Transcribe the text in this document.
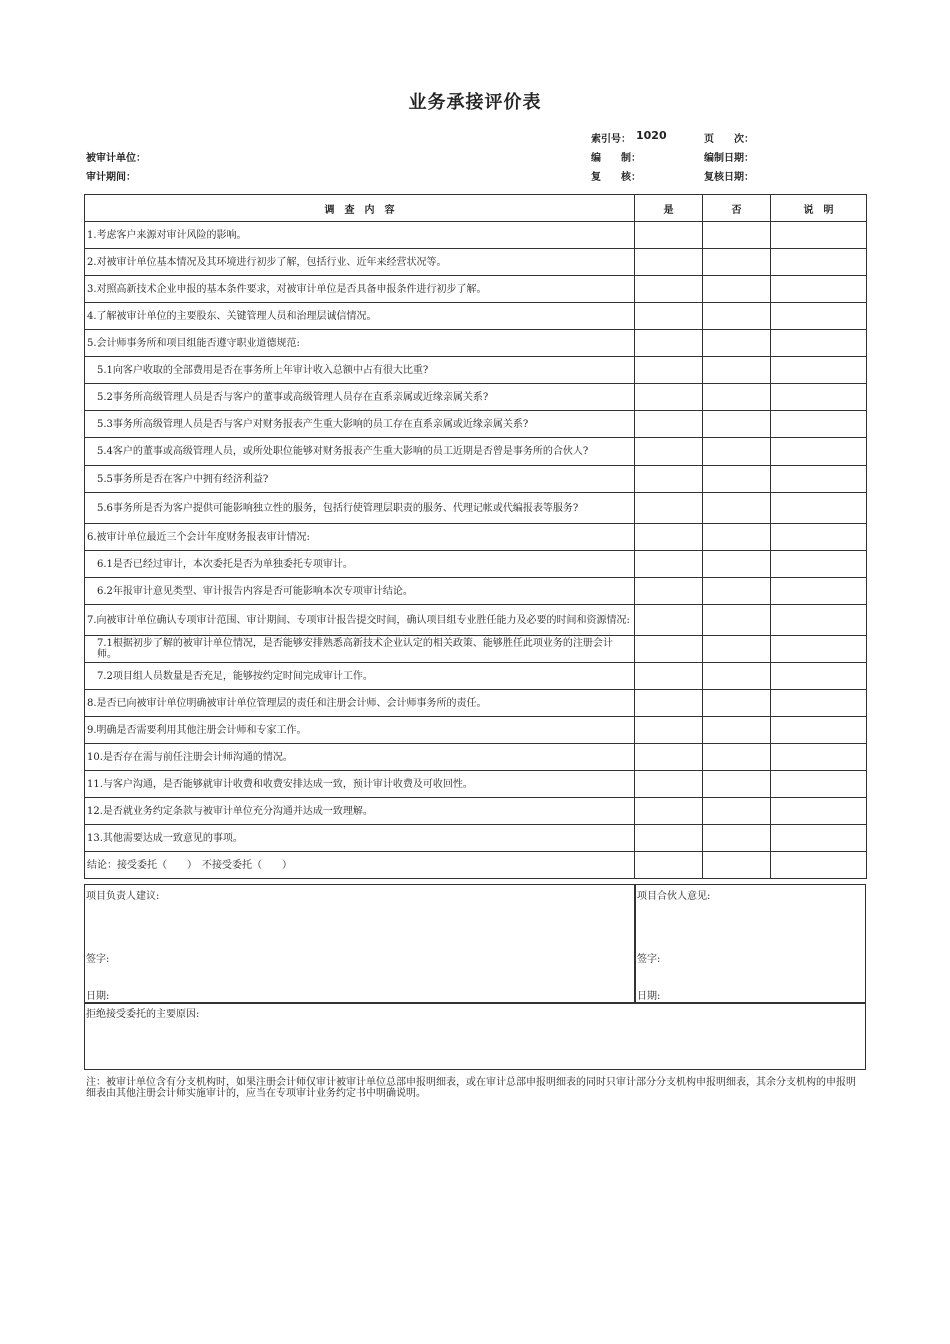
业务承接评价表
索引号： 1020	页　　次：
被审计单位：	编　　制：	编制日期：
审计期间：	复　　核：	复核日期：
调　查　内　容	是	否	说　明
1.考虑客户来源对审计风险的影响。			
2.对被审计单位基本情况及其环境进行初步了解，包括行业、近年来经营状况等。			
3.对照高新技术企业申报的基本条件要求，对被审计单位是否具备申报条件进行初步了解。			
4.了解被审计单位的主要股东、关键管理人员和治理层诚信情况。			
5.会计师事务所和项目组能否遵守职业道德规范:			
5.1向客户收取的全部费用是否在事务所上年审计收入总额中占有很大比重?			
5.2事务所高级管理人员是否与客户的董事或高级管理人员存在直系亲属或近缘亲属关系?			
5.3事务所高级管理人员是否与客户对财务报表产生重大影响的员工存在直系亲属或近缘亲属关系?			
5.4客户的董事或高级管理人员，或所处职位能够对财务报表产生重大影响的员工近期是否曾是事务所的合伙人?			
5.5事务所是否在客户中拥有经济利益?			
5.6事务所是否为客户提供可能影响独立性的服务，包括行使管理层职责的服务、代理记帐或代编报表等服务?			
6.被审计单位最近三个会计年度财务报表审计情况:			
6.1是否已经过审计，本次委托是否为单独委托专项审计。			
6.2年报审计意见类型、审计报告内容是否可能影响本次专项审计结论。			
7.向被审计单位确认专项审计范围、审计期间、专项审计报告提交时间，确认项目组专业胜任能力及必要的时间和资源情况:			
7.1根据初步了解的被审计单位情况，是否能够安排熟悉高新技术企业认定的相关政策、能够胜任此项业务的注册会计师。			
7.2项目组人员数量是否充足，能够按约定时间完成审计工作。			
8.是否已向被审计单位明确被审计单位管理层的责任和注册会计师、会计师事务所的责任。			
9.明确是否需要利用其他注册会计师和专家工作。			
10.是否存在需与前任注册会计师沟通的情况。			
11.与客户沟通，是否能够就审计收费和收费安排达成一致，预计审计收费及可收回性。			
12.是否就业务约定条款与被审计单位充分沟通并达成一致理解。			
13.其他需要达成一致意见的事项。			
结论：接受委托（　　）　不接受委托（　　）			
项目负责人建议:
签字:
日期:
项目合伙人意见:
签字:
日期:
拒绝接受委托的主要原因:
注：被审计单位含有分支机构时，如果注册会计师仅审计被审计单位总部申报明细表，或在审计总部申报明细表的同时只审计部分分支机构申报明细表，其余分支机构的申报明细表由其他注册会计师实施审计的，应当在专项审计业务约定书中明确说明。
